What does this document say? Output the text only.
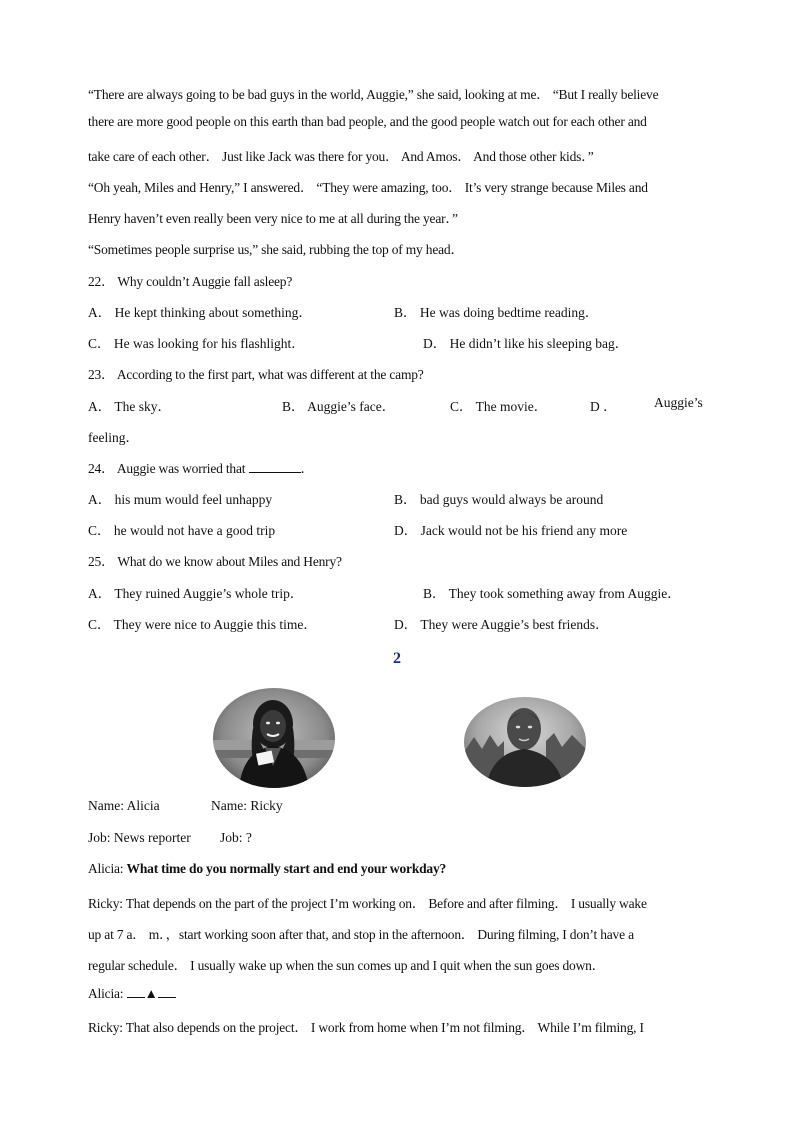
“There are always going to be bad guys in the world, Auggie,” she said, looking at me． “But I really believe
there are more good people on this earth than bad people, and the good people watch out for each other and
take care of each other． Just like Jack was there for you． And Amos． And those other kids．”
“Oh yeah, Miles and Henry,” I answered． “They were amazing, too． It’s very strange because Miles and
Henry haven’t even really been very nice to me at all during the year．”
“Sometimes people surprise us,” she said, rubbing the top of my head．
22． Why couldn’t Auggie fall asleep?
A． He kept thinking about something．	B． He was doing bedtime reading．
C． He was looking for his flashlight．	D． He didn’t like his sleeping bag．
23． According to the first part, what was different at the camp?
A． The sky．	B． Auggie’s face．	C． The movie．	D ．	Auggie’s
feeling．
24． Auggie was worried that	．
A． his mum would feel unhappy	B． bad guys would always be around
C． he would not have a good trip	D． Jack would not be his friend any more
25． What do we know about Miles and Henry?
A． They ruined Auggie’s whole trip．	B． They took something away from Auggie．
C． They were nice to Auggie this time．	D． They were Auggie’s best friends．
2
Name: Alicia	Name: Ricky
Job: News reporter Job: ?
Alicia: What time do you normally start and end your workday?
Ricky: That depends on the part of the project I’m working on． Before and after filming． I usually wake
up at 7 a． m．，start working soon after that, and stop in the afternoon． During filming, I don’t have a
regular schedule． I usually wake up when the sun comes up and I quit when the sun goes down．
Alicia: ▲
Ricky: That also depends on the project． I work from home when I’m not filming． While I’m filming, I
